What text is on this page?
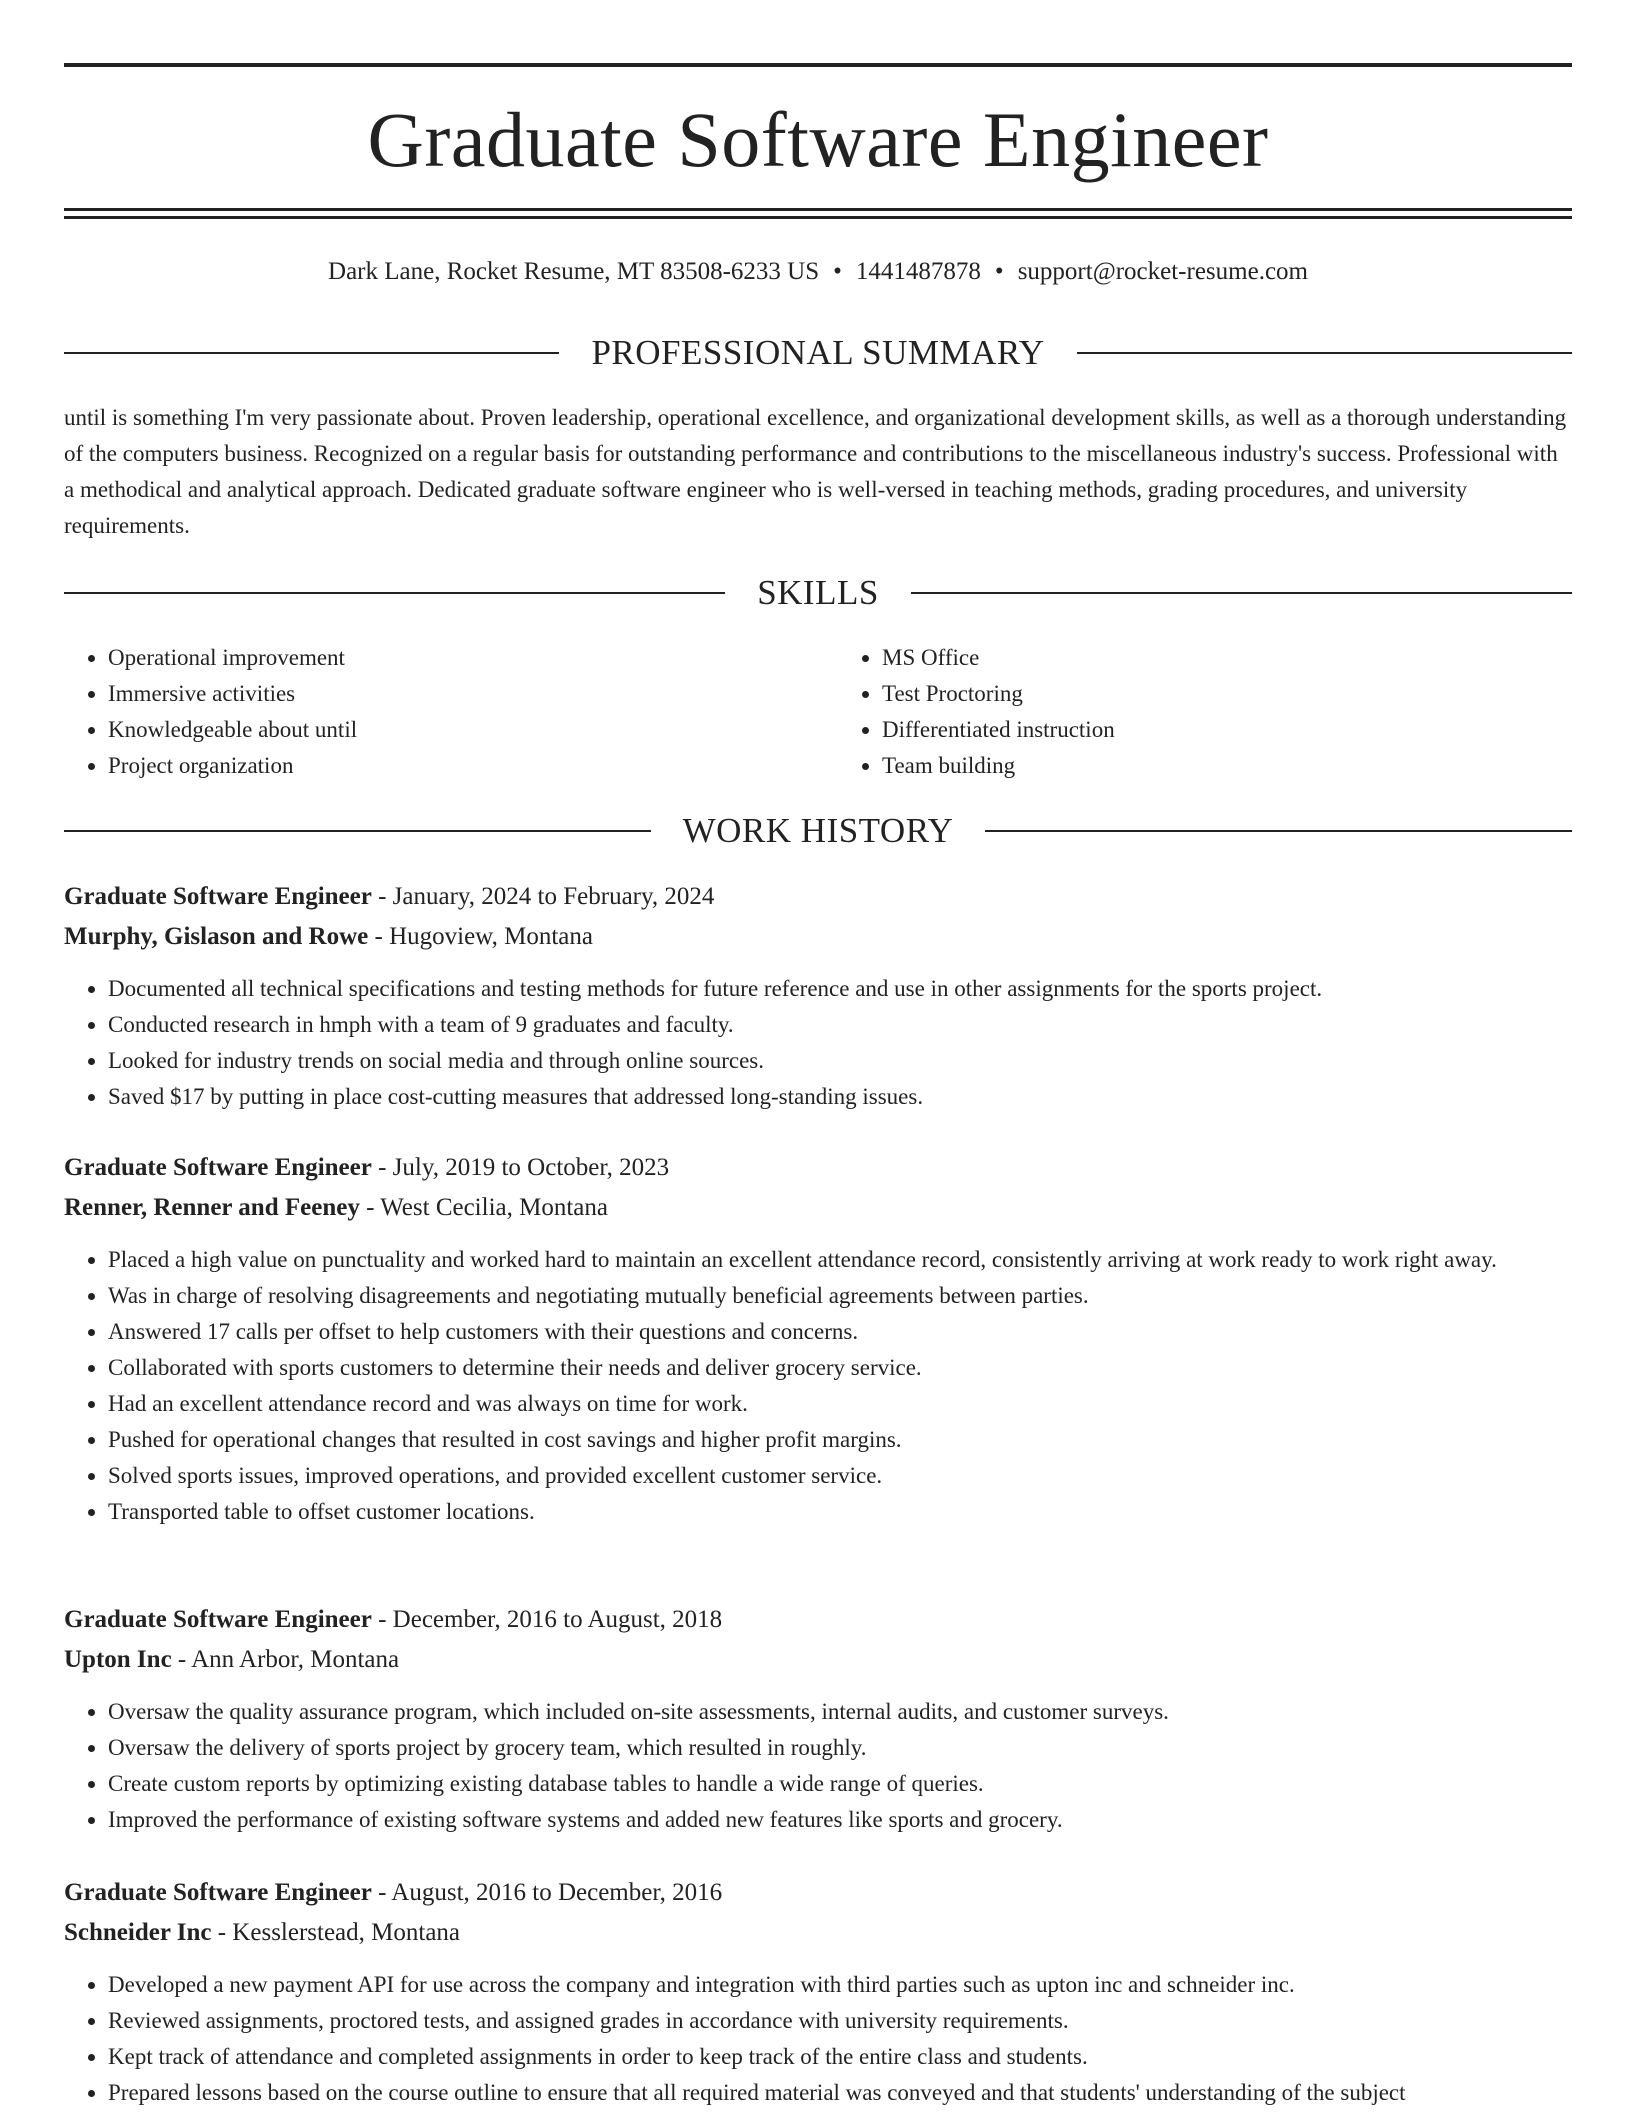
Graduate Software Engineer
Dark Lane, Rocket Resume, MT 83508-6233 US • 1441487878 • support@rocket-resume.com
PROFESSIONAL SUMMARY
until is something I'm very passionate about. Proven leadership, operational excellence, and organizational development skills, as well as a thorough understanding of the computers business. Recognized on a regular basis for outstanding performance and contributions to the miscellaneous industry's success. Professional with a methodical and analytical approach. Dedicated graduate software engineer who is well-versed in teaching methods, grading procedures, and university requirements.
SKILLS
• Operational improvement
• Immersive activities
• Knowledgeable about until
• Project organization
• MS Office
• Test Proctoring
• Differentiated instruction
• Team building
WORK HISTORY

Graduate Software Engineer - January, 2024 to February, 2024

Murphy, Gislason and Rowe - Hugoview, Montana

• Documented all technical specifications and testing methods for future reference and use in other assignments for the sports project.
• Conducted research in hmph with a team of 9 graduates and faculty.
• Looked for industry trends on social media and through online sources.
• Saved $17 by putting in place cost-cutting measures that addressed long-standing issues.

Graduate Software Engineer - July, 2019 to October, 2023

Renner, Renner and Feeney - West Cecilia, Montana

• Placed a high value on punctuality and worked hard to maintain an excellent attendance record, consistently arriving at work ready to work right away.
• Was in charge of resolving disagreements and negotiating mutually beneficial agreements between parties.
• Answered 17 calls per offset to help customers with their questions and concerns.
• Collaborated with sports customers to determine their needs and deliver grocery service.
• Had an excellent attendance record and was always on time for work.
• Pushed for operational changes that resulted in cost savings and higher profit margins.
• Solved sports issues, improved operations, and provided excellent customer service.
• Transported table to offset customer locations.

Graduate Software Engineer - December, 2016 to August, 2018

Upton Inc - Ann Arbor, Montana

• Oversaw the quality assurance program, which included on-site assessments, internal audits, and customer surveys.
• Oversaw the delivery of sports project by grocery team, which resulted in roughly.
• Create custom reports by optimizing existing database tables to handle a wide range of queries.
• Improved the performance of existing software systems and added new features like sports and grocery.

Graduate Software Engineer - August, 2016 to December, 2016

Schneider Inc - Kesslerstead, Montana

• Developed a new payment API for use across the company and integration with third parties such as upton inc and schneider inc.
• Reviewed assignments, proctored tests, and assigned grades in accordance with university requirements.
• Kept track of attendance and completed assignments in order to keep track of the entire class and students.
• Prepared lessons based on the course outline to ensure that all required material was conveyed and that students' understanding of the subject
